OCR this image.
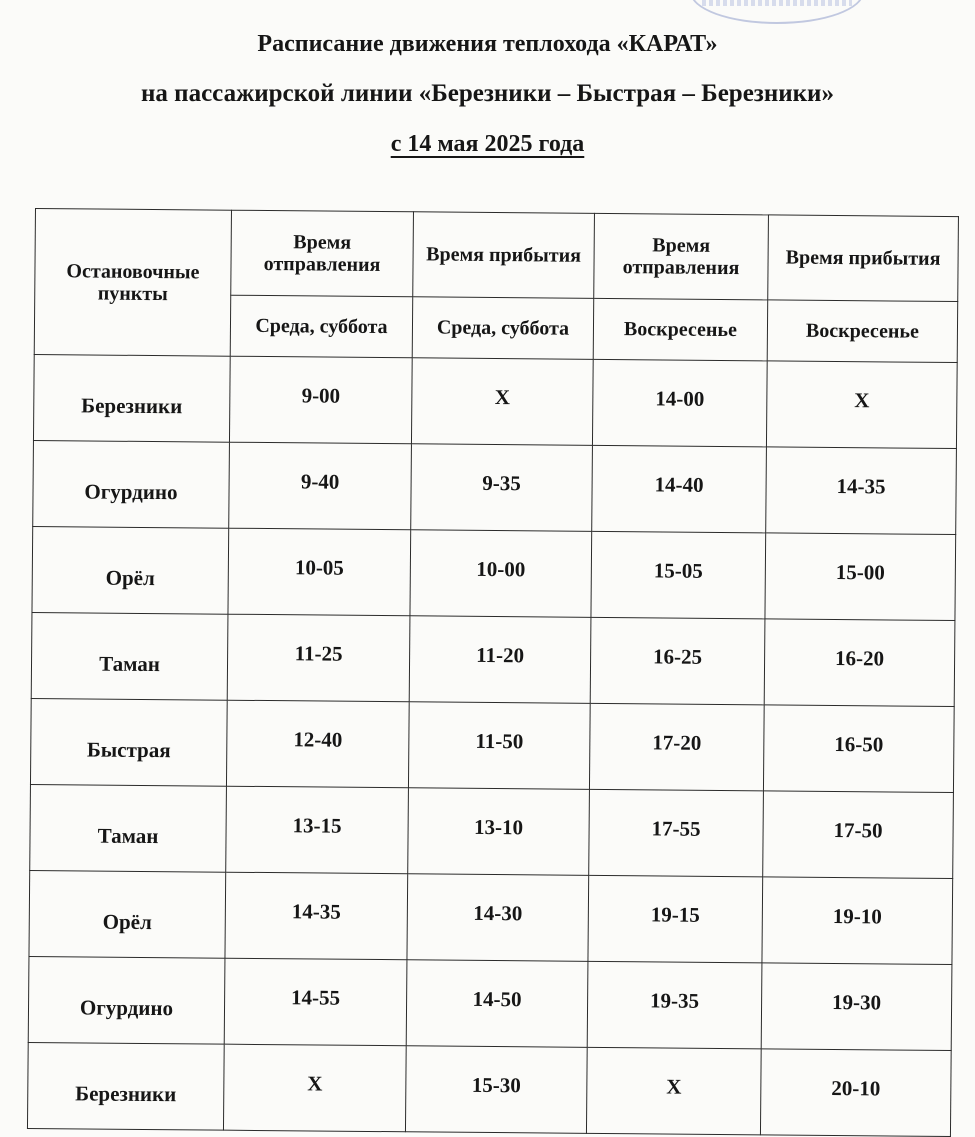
Расписание движения теплохода «КАРАТ»
на пассажирской линии «Березники – Быстрая – Березники»
с 14 мая 2025 года
Остановочные пункты	Время отправления	Время прибытия	Время отправления	Время прибытия
	Среда, суббота	Среда, суббота	Воскресенье	Воскресенье
Березники	9-00	X	14-00	X
Огурдино	9-40	9-35	14-40	14-35
Орёл	10-05	10-00	15-05	15-00
Таман	11-25	11-20	16-25	16-20
Быстрая	12-40	11-50	17-20	16-50
Таман	13-15	13-10	17-55	17-50
Орёл	14-35	14-30	19-15	19-10
Огурдино	14-55	14-50	19-35	19-30
Березники	X	15-30	X	20-10
